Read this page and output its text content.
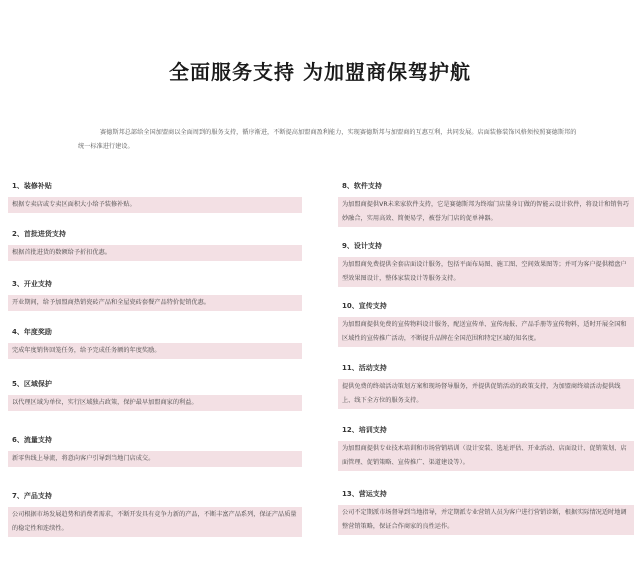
全面服务支持 为加盟商保驾护航
赛德斯邦总部给全国加盟商以全面周到的服务支持，循序渐进，不断提高加盟商盈利能力，实现赛德斯邦与加盟商的互惠互利，共同发展。店面装修装饰风格须按照赛德斯邦的统一标准进行建设。
1、装修补贴
根据专卖店或专卖区面积大小给予装修补贴。
2、首批进货支持
根据首批进货的数额给予折扣优惠。
3、开业支持
开业期间，给予加盟商热销瓷砖产品和全屋瓷砖套餐产品特价促销优惠。
4、年度奖励
完成年度销售回笼任务，给予完成任务额的年度奖励。
5、区域保护
以代理区域为单位，实行区域独占政策，保护最早加盟商家的利益。
6、流量支持
新零售线上导流，将意向客户引导到当地门店成交。
7、产品支持
公司根据市场发展趋势和消费者需求，不断开发具有竞争力新的产品，不断丰富产品系列，保证产品质量的稳定性和连续性。
8、软件支持
为加盟商提供VR未来家软件支持，它是赛德斯邦为终端门店量身订做的智能云设计软件，将设计和销售巧妙融合，实用高效、简便易学，被誉为门店的促单神器。
9、设计支持
为加盟商免费提供全套店面设计服务，包括平面布局图、施工图、空间效果图等；并可为客户提供精盘户型效果图设计，整体家装设计等服务支持。
10、宣传支持
为加盟商提供免费的宣传物料设计服务，配送宣传单、宣传海报、产品手册等宣传物料，适时开展全国和区域性的宣传推广活动，不断提升品牌在全国范围和特定区域的知名度。
11、活动支持
提供免费的终端活动策划方案和现场督导服务，并提供促销活动的政策支持，为加盟商终端活动提供线上、线下全方位的服务支持。
12、培训支持
为加盟商提供专业技术培训和市场营销培训（设计安装、选址评估、开业活动、店面设计、促销策划、店面管理、促销策略、宣传推广、渠道建设等）。
13、营运支持
公司不定期派市场督导到当地指导，并定期派专业营销人员为客户进行营销诊断，根据实际情况适时地调整营销策略，保证合作商家的良性运作。
